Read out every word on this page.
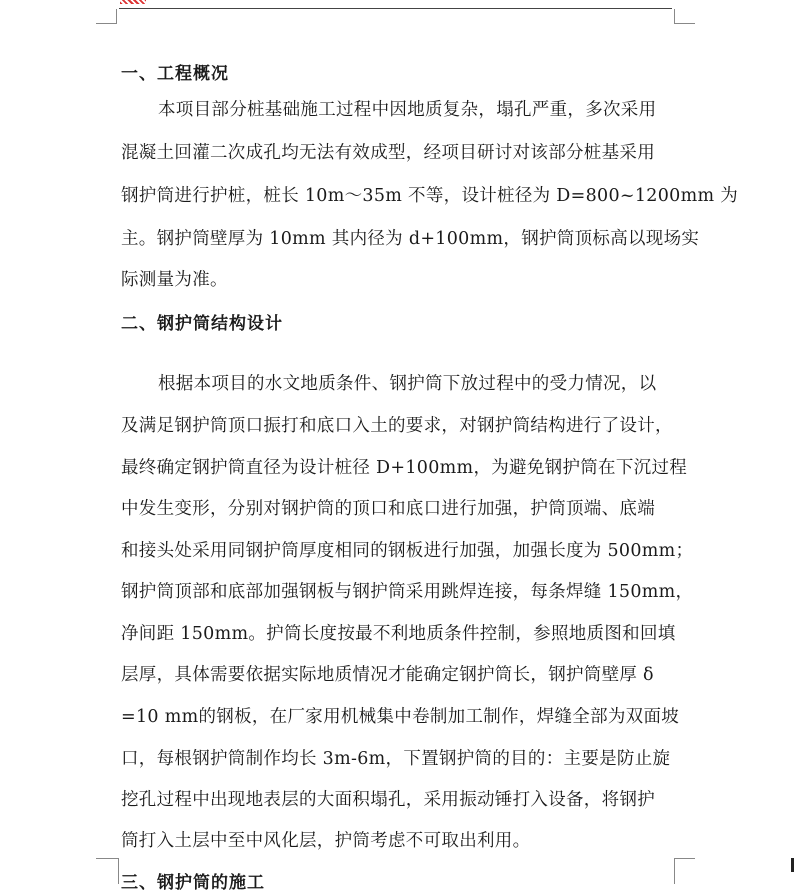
一、工程概况
本项目部分桩基础施工过程中因地质复杂，塌孔严重，多次采用
混凝土回灌二次成孔均无法有效成型，经项目研讨对该部分桩基采用
钢护筒进行护桩，桩长 10m～35m 不等，设计桩径为 D=800~1200mm 为
主。钢护筒壁厚为 10mm 其内径为 d+100mm，钢护筒顶标高以现场实
际测量为准。
二、钢护筒结构设计
根据本项目的水文地质条件、钢护筒下放过程中的受力情况，以
及满足钢护筒顶口振打和底口入土的要求，对钢护筒结构进行了设计，
最终确定钢护筒直径为设计桩径 D+100mm，为避免钢护筒在下沉过程
中发生变形，分别对钢护筒的顶口和底口进行加强，护筒顶端、底端
和接头处采用同钢护筒厚度相同的钢板进行加强，加强长度为 500mm；
钢护筒顶部和底部加强钢板与钢护筒采用跳焊连接，每条焊缝 150mm，
净间距 150mm。护筒长度按最不利地质条件控制，参照地质图和回填
层厚，具体需要依据实际地质情况才能确定钢护筒长，钢护筒壁厚 δ
=10 mm的钢板，在厂家用机械集中卷制加工制作，焊缝全部为双面坡
口，每根钢护筒制作均长 3m-6m，下置钢护筒的目的：主要是防止旋
挖孔过程中出现地表层的大面积塌孔，采用振动锤打入设备，将钢护
筒打入土层中至中风化层，护筒考虑不可取出利用。
三、钢护筒的施工
